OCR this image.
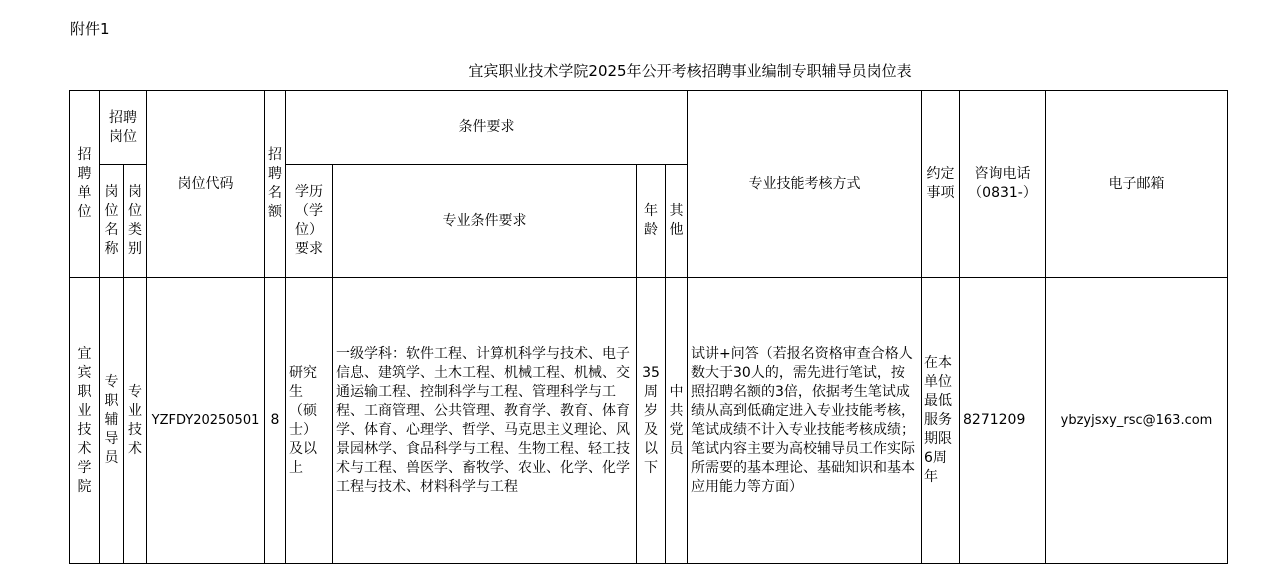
附件1
宜宾职业技术学院2025年公开考核招聘事业编制专职辅导员岗位表
招聘单位	招聘岗位		岗位代码	招聘名额	条件要求				专业技能考核方式	约定事项	咨询电话（0831-）	电子邮箱
	岗位名称	岗位类别			学历（学位）要求	专业条件要求	年龄	其他				

宜宾职业技术学院	专职辅导员	专业技术	YZFDY20250501	8	研究生（硕士）及以上	一级学科：软件工程、计算机科学与技术、电子信息、建筑学、土木工程、机械工程、机械、交通运输工程、控制科学与工程、管理科学与工程、工商管理、公共管理、教育学、教育、体育学、体育、心理学、哲学、马克思主义理论、风景园林学、食品科学与工程、生物工程、轻工技术与工程、兽医学、畜牧学、农业、化学、化学工程与技术、材料科学与工程	35周岁及以下	中共党员	试讲+问答（若报名资格审查合格人数大于30人的，需先进行笔试，按照招聘名额的3倍，依据考生笔试成绩从高到低确定进入专业技能考核，笔试成绩不计入专业技能考核成绩；笔试内容主要为高校辅导员工作实际所需要的基本理论、基础知识和基本应用能力等方面）	在本单位最低服务期限6周年	8271209	ybzyjsxy_rsc@163.com
